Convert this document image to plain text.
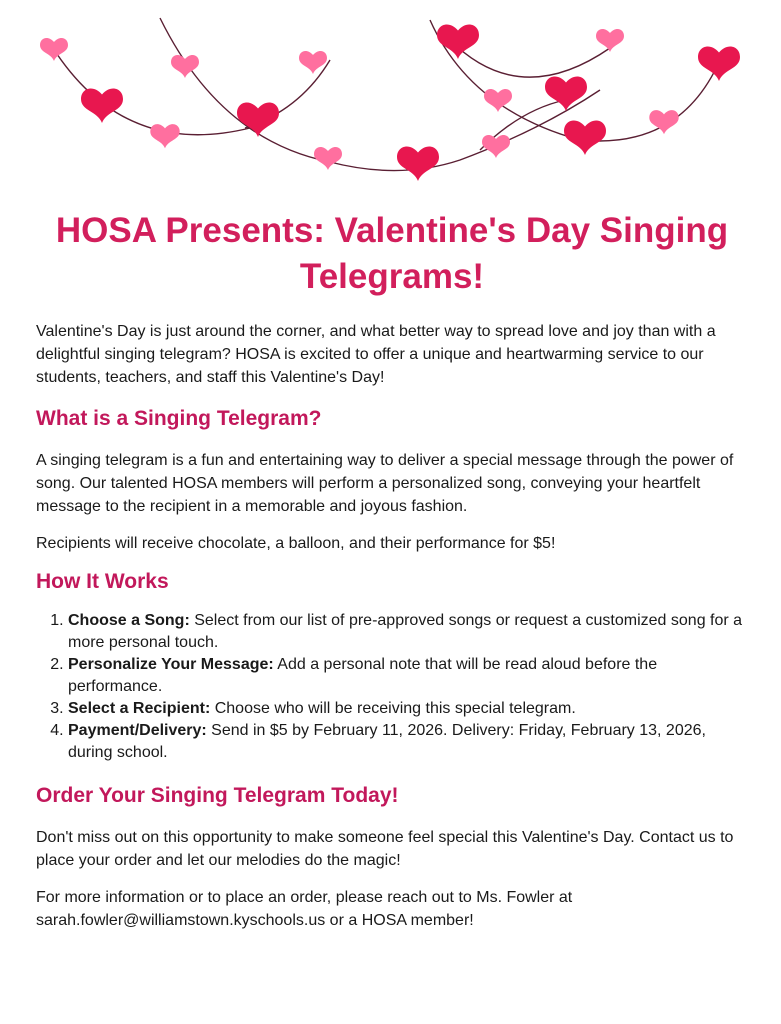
HOSA Presents: Valentine's Day Singing Telegrams!

Valentine's Day is just around the corner, and what better way to spread love and joy than with a delightful singing telegram? HOSA is excited to offer a unique and heartwarming service to our students, teachers, and staff this Valentine's Day!

What is a Singing Telegram?

A singing telegram is a fun and entertaining way to deliver a special message through the power of song. Our talented HOSA members will perform a personalized song, conveying your heartfelt message to the recipient in a memorable and joyous fashion.

Recipients will receive chocolate, a balloon, and their performance for $5!

How It Works
1. Choose a Song: Select from our list of pre-approved songs or request a customized song for a more personal touch.
2. Personalize Your Message: Add a personal note that will be read aloud before the performance.
3. Select a Recipient: Choose who will be receiving this special telegram.
4. Payment/Delivery: Send in $5 by February 11, 2026. Delivery: Friday, February 13, 2026, during school.
Order Your Singing Telegram Today!

Don't miss out on this opportunity to make someone feel special this Valentine's Day. Contact us to place your order and let our melodies do the magic!

For more information or to place an order, please reach out to Ms. Fowler at sarah.fowler@williamstown.kyschools.us or a HOSA member!
